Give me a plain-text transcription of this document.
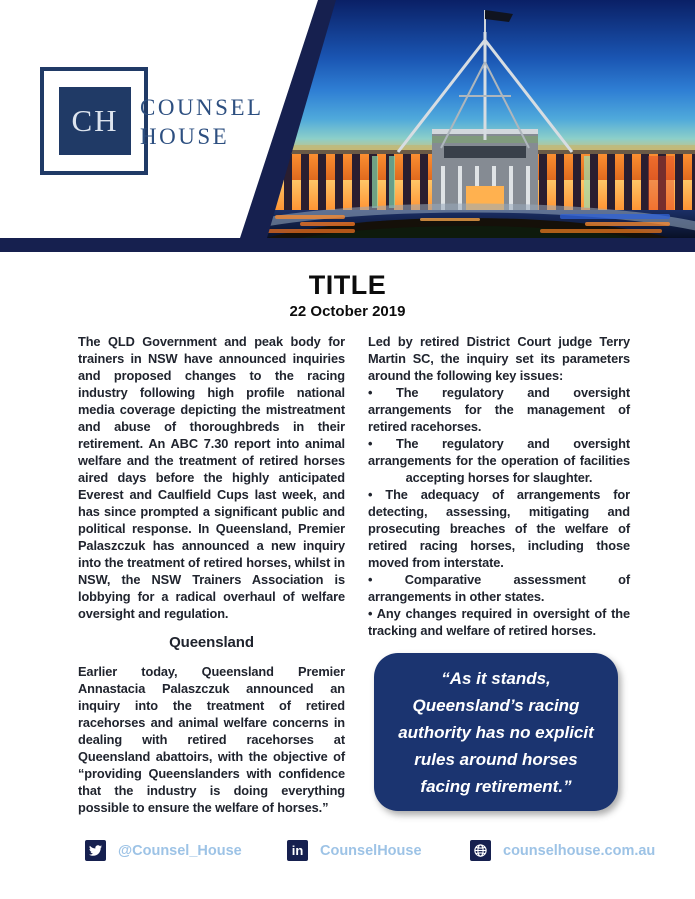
CH COUNSEL
HOUSE
TITLE
22 October 2019

The QLD Government and peak body for trainers in NSW have announced inquiries and proposed changes to the racing industry following high profile national media coverage depicting the mistreatment and abuse of thoroughbreds in their retirement. An ABC 7.30 report into animal welfare and the treatment of retired horses aired days before the highly anticipated Everest and Caulfield Cups last week, and has since prompted a significant public and political response. In Queensland, Premier Palaszczuk has announced a new inquiry into the treatment of retired horses, whilst in NSW, the NSW Trainers Association is lobbying for a radical overhaul of welfare oversight and regulation.

Queensland

Earlier today, Queensland Premier Annastacia Palaszczuk announced an inquiry into the treatment of retired racehorses and animal welfare concerns in dealing with retired racehorses at Queensland abattoirs, with the objective of “providing Queenslanders with confidence that the industry is doing everything possible to ensure the welfare of horses.”

Led by retired District Court judge Terry Martin SC, the inquiry set its parameters around the following key issues:

• The regulatory and oversight arrangements for the management of retired racehorses.

• The regulatory and oversight arrangements for the operation of facilities accepting horses for slaughter.

• The adequacy of arrangements for detecting, assessing, mitigating and prosecuting breaches of the welfare of retired racing horses, including those moved from interstate.

• Comparative assessment of arrangements in other states.

• Any changes required in oversight of the tracking and welfare of retired horses.

“As it stands, Queensland’s racing authority has no explicit rules around horses facing retirement.”

@Counsel_House	in CounselHouse	counselhouse.com.au
